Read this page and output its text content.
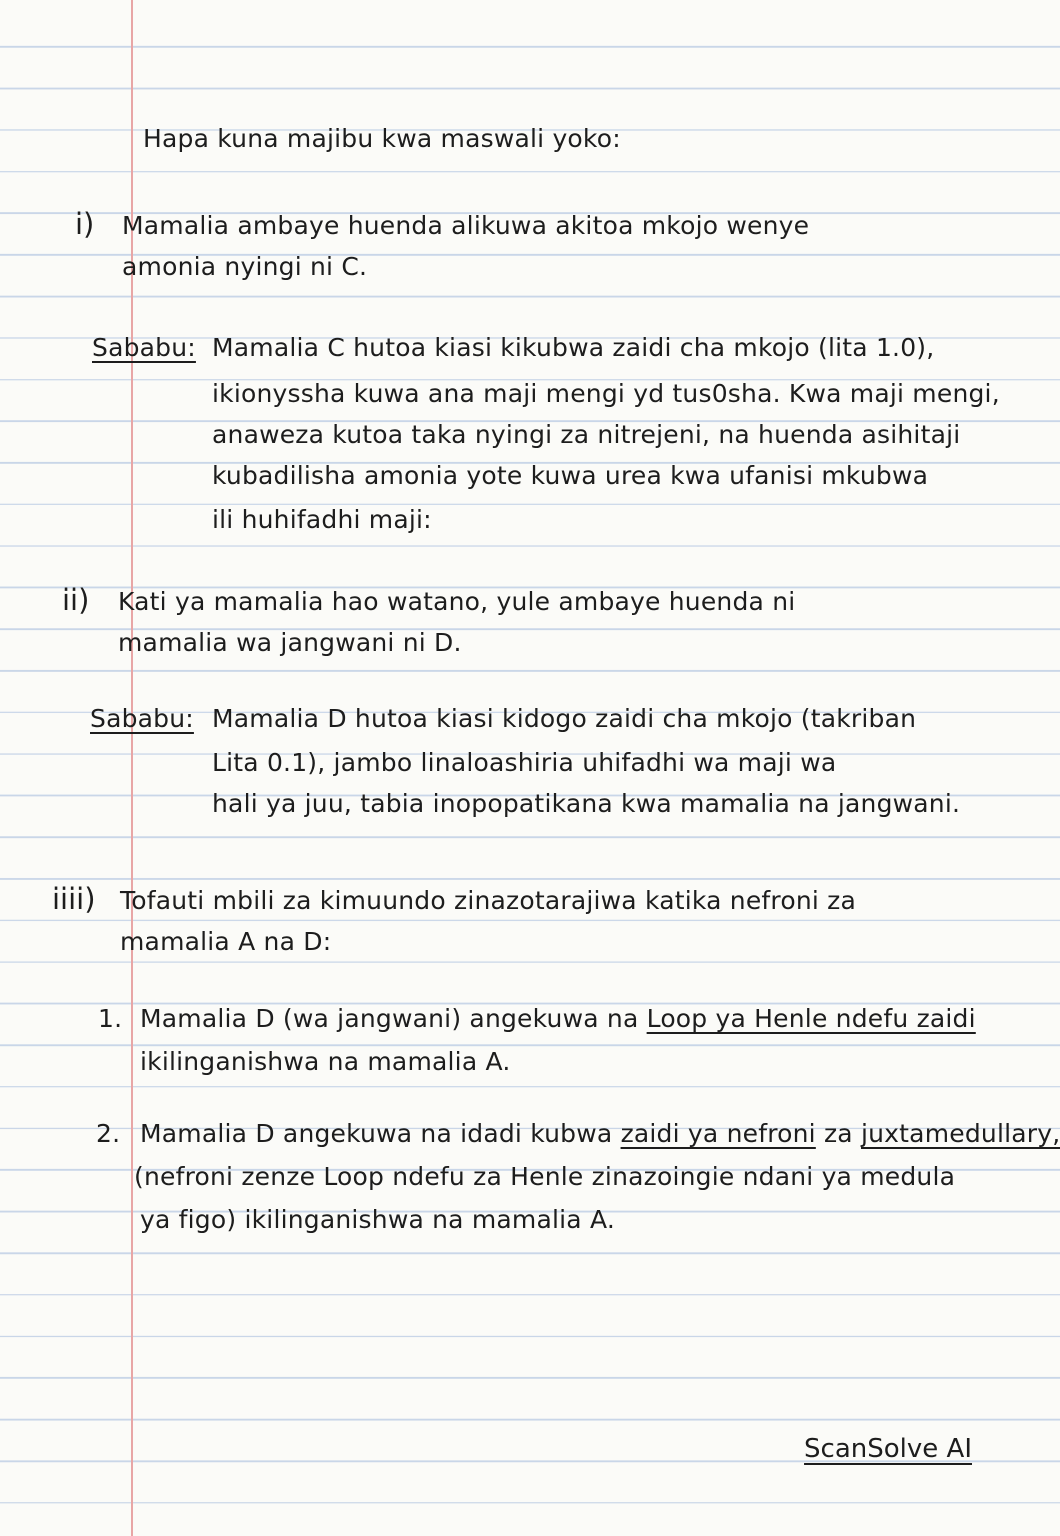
Hapa kuna majibu kwa maswali yoko:
i) Mamalia ambaye huenda alikuwa akitoa mkojo wenye
amonia nyingi ni C.
Sababu: Mamalia C hutoa kiasi kikubwa zaidi cha mkojo (lita 1.0),
ikionyssha kuwa ana maji mengi yd tus0sha. Kwa maji mengi,
anaweza kutoa taka nyingi za nitrejeni, na huenda asihitaji
kubadilisha amonia yote kuwa urea kwa ufanisi mkubwa
ili huhifadhi maji:
ii) Kati ya mamalia hao watano, yule ambaye huenda ni
mamalia wa jangwani ni D.
Sababu: Mamalia D hutoa kiasi kidogo zaidi cha mkojo (takriban
Lita 0.1), jambo linaloashiria uhifadhi wa maji wa
hali ya juu, tabia inopopatikana kwa mamalia na jangwani.
iiii) Tofauti mbili za kimuundo zinazotarajiwa katika nefroni za
mamalia A na D:
1. Mamalia D (wa jangwani) angekuwa na Loop ya Henle ndefu zaidi
ikilinganishwa na mamalia A.
2. Mamalia D angekuwa na idadi kubwa zaidi ya nefroni za juxtamedullary,
(nefroni zenze Loop ndefu za Henle zinazoingie ndani ya medula
ya figo) ikilinganishwa na mamalia A.
ScanSolve AI
